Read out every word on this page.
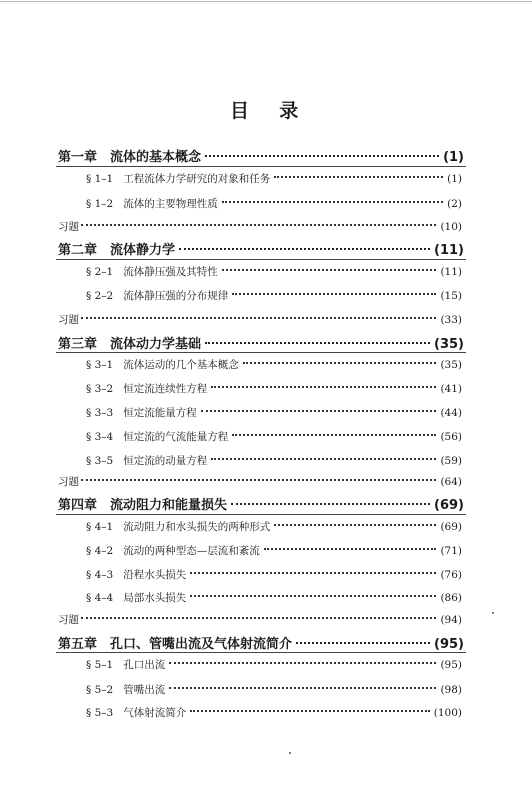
目 录
第一章　流体的基本概念	(1)
§ 1–1 工程流体力学研究的对象和任务	(1)
§ 1–2 流体的主要物理性质	(2)
习题	(10)
第二章　流体静力学	(11)
§ 2–1 流体静压强及其特性	(11)
§ 2–2 流体静压强的分布规律	(15)
习题	(33)
第三章　流体动力学基础	(35)
§ 3–1 流体运动的几个基本概念	(35)
§ 3–2 恒定流连续性方程	(41)
§ 3–3 恒定流能量方程	(44)
§ 3–4 恒定流的气流能量方程	(56)
§ 3–5 恒定流的动量方程	(59)
习题	(64)
第四章　流动阻力和能量损失	(69)
§ 4–1 流动阻力和水头损失的两种形式	(69)
§ 4–2 流动的两种型态—层流和紊流	(71)
§ 4–3 沿程水头损失	(76)
§ 4–4 局部水头损失	(86)
习题	(94)
第五章　孔口、管嘴出流及气体射流简介	(95)
§ 5–1 孔口出流	(95)
§ 5–2 管嘴出流	(98)
§ 5–3 气体射流简介	(100)
